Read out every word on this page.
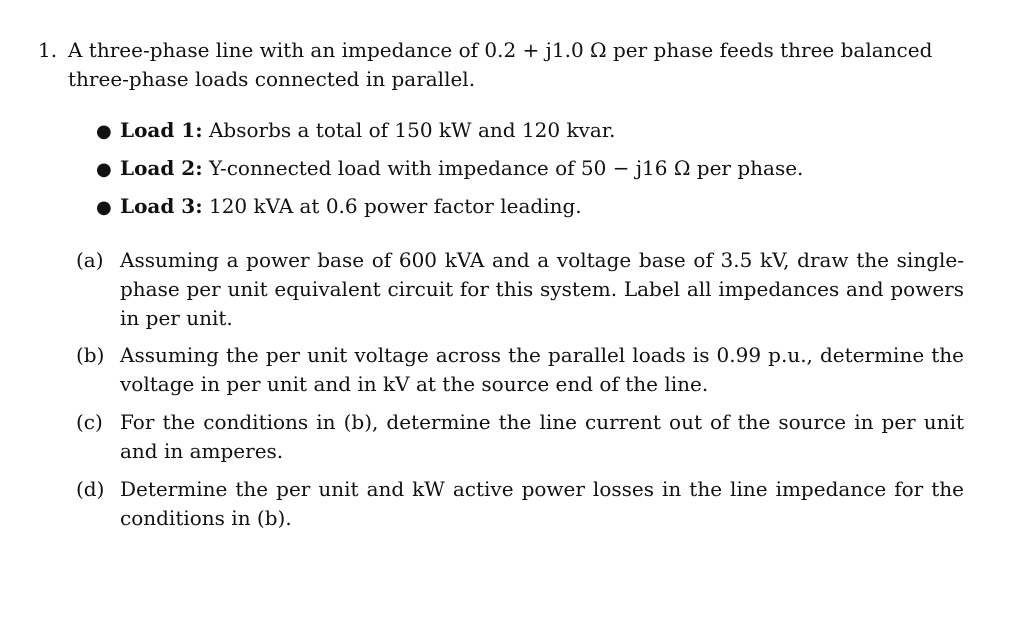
1. A three-phase line with an impedance of 0.2 + j1.0 Ω per phase feeds three balanced
three-phase loads connected in parallel.
● Load 1: Absorbs a total of 150 kW and 120 kvar.
● Load 2: Y-connected load with impedance of 50 − j16 Ω per phase.
● Load 3: 120 kVA at 0.6 power factor leading.
(a) Assuming a power base of 600 kVA and a voltage base of 3.5 kV, draw the single-
phase per unit equivalent circuit for this system. Label all impedances and powers
in per unit.
(b) Assuming the per unit voltage across the parallel loads is 0.99 p.u., determine the
voltage in per unit and in kV at the source end of the line.
(c) For the conditions in (b), determine the line current out of the source in per unit
and in amperes.
(d) Determine the per unit and kW active power losses in the line impedance for the
conditions in (b).
